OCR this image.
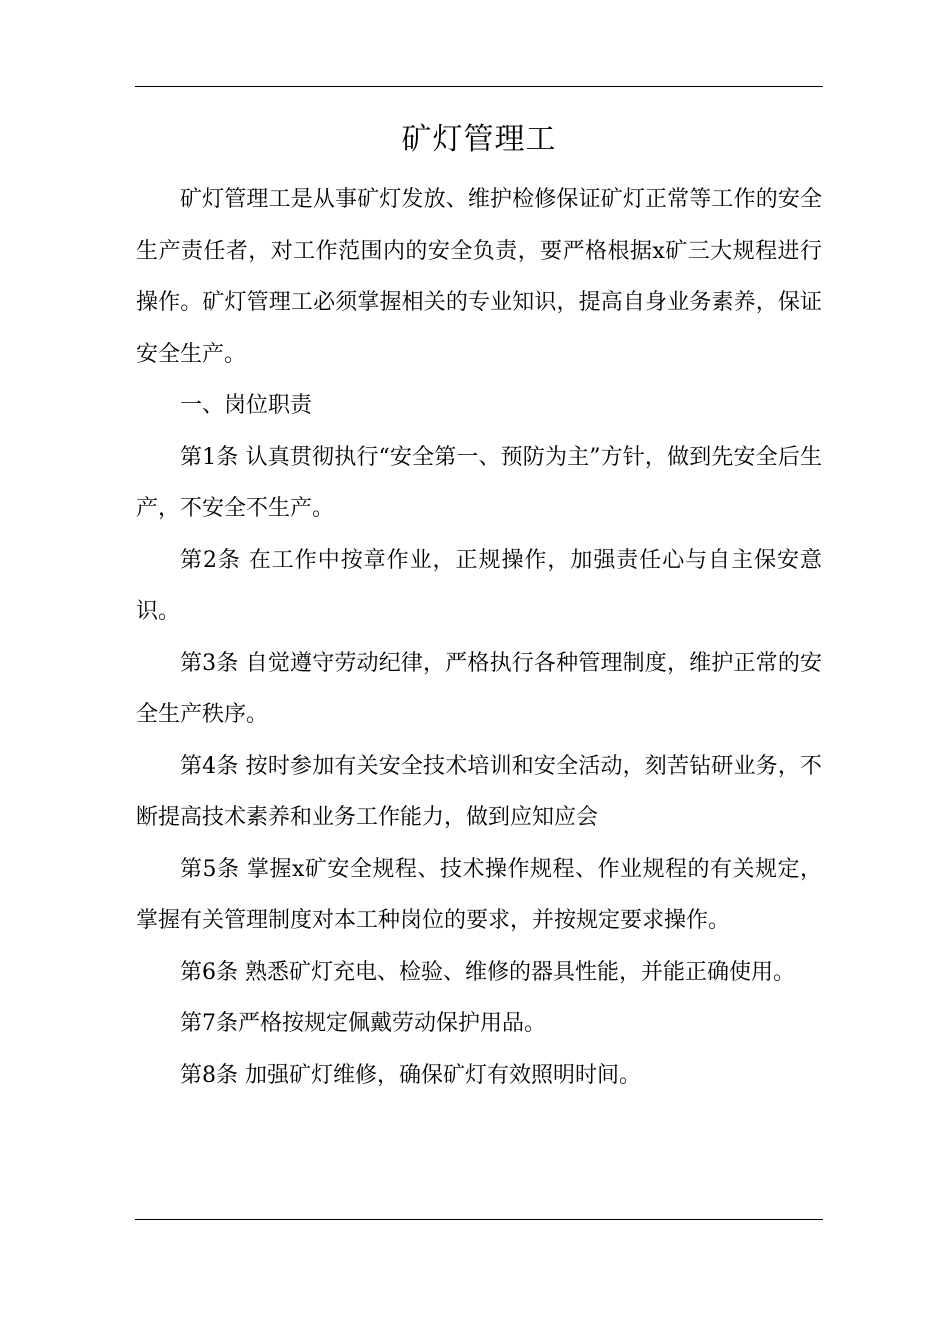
矿灯管理工

矿灯管理工是从事矿灯发放、维护检修保证矿灯正常等工作的安全生产责任者，对工作范围内的安全负责，要严格根据x矿三大规程进行操作。矿灯管理工必须掌握相关的专业知识，提高自身业务素养，保证安全生产。

一、岗位职责

第1条 认真贯彻执行“安全第一、预防为主”方针，做到先安全后生产，不安全不生产。

第2条 在工作中按章作业，正规操作，加强责任心与自主保安意识。

第3条 自觉遵守劳动纪律，严格执行各种管理制度，维护正常的安全生产秩序。

第4条 按时参加有关安全技术培训和安全活动，刻苦钻研业务，不断提高技术素养和业务工作能力，做到应知应会

第5条 掌握x矿安全规程、技术操作规程、作业规程的有关规定，掌握有关管理制度对本工种岗位的要求，并按规定要求操作。

第6条 熟悉矿灯充电、检验、维修的器具性能，并能正确使用。

第7条严格按规定佩戴劳动保护用品。

第8条 加强矿灯维修，确保矿灯有效照明时间。
